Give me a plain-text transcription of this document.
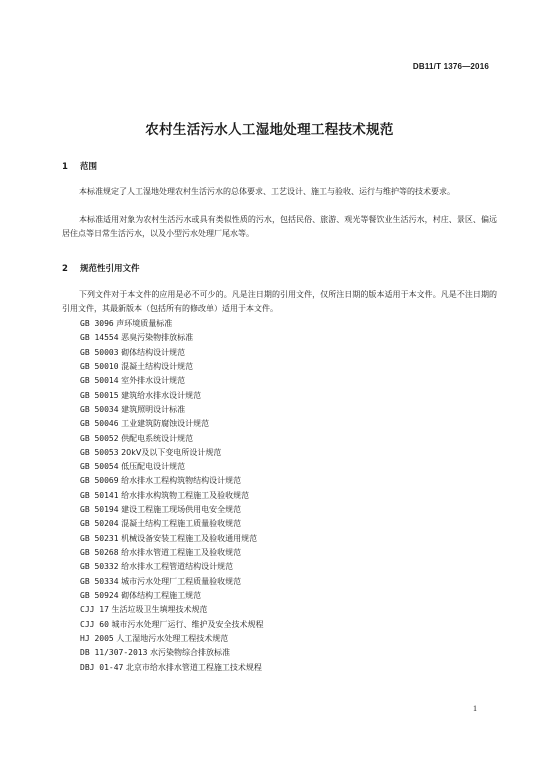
DB11/T 1376—2016
农村生活污水人工湿地处理工程技术规范
1 范围

本标准规定了人工湿地处理农村生活污水的总体要求、工艺设计、施工与验收、运行与维护等的技术要求。

本标准适用对象为农村生活污水或具有类似性质的污水，包括民俗、旅游、观光等餐饮业生活污水，村庄、景区、偏远居住点等日常生活污水，以及小型污水处理厂尾水等。

2 规范性引用文件

下列文件对于本文件的应用是必不可少的。凡是注日期的引用文件，仅所注日期的版本适用于本文件。凡是不注日期的引用文件，其最新版本（包括所有的修改单）适用于本文件。

GB 3096 声环境质量标准
GB 14554 恶臭污染物排放标准
GB 50003 砌体结构设计规范
GB 50010 混凝土结构设计规范
GB 50014 室外排水设计规范
GB 50015 建筑给水排水设计规范
GB 50034 建筑照明设计标准
GB 50046 工业建筑防腐蚀设计规范
GB 50052 供配电系统设计规范
GB 50053 20kV及以下变电所设计规范
GB 50054 低压配电设计规范
GB 50069 给水排水工程构筑物结构设计规范
GB 50141 给水排水构筑物工程施工及验收规范
GB 50194 建设工程施工现场供用电安全规范
GB 50204 混凝土结构工程施工质量验收规范
GB 50231 机械设备安装工程施工及验收通用规范
GB 50268 给水排水管道工程施工及验收规范
GB 50332 给水排水工程管道结构设计规范
GB 50334 城市污水处理厂工程质量验收规范
GB 50924 砌体结构工程施工规范
CJJ 17 生活垃圾卫生填埋技术规范
CJJ 60 城市污水处理厂运行、维护及安全技术规程
HJ 2005 人工湿地污水处理工程技术规范
DB 11/307-2013 水污染物综合排放标准
DBJ 01-47 北京市给水排水管道工程施工技术规程
1
